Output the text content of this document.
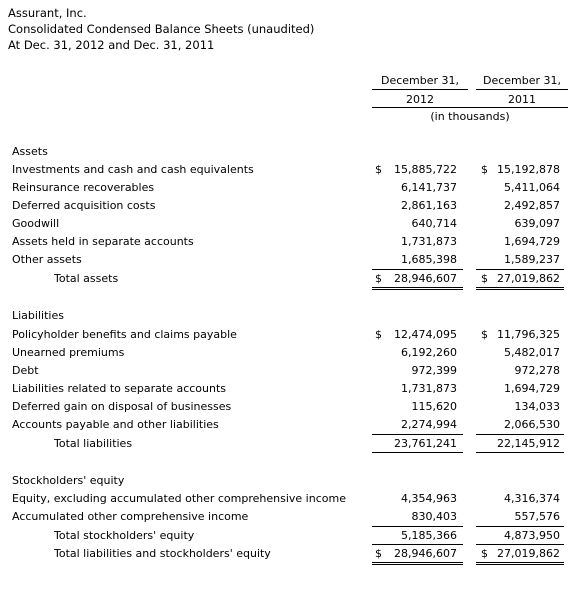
Assurant, Inc.
Consolidated Condensed Balance Sheets (unaudited)
At Dec. 31, 2012 and Dec. 31, 2011
December 31,
2012
December 31,
2011
(in thousands)
Assets
Investments and cash and cash equivalents	$	15,885,722 $ 15,192,878
Reinsurance recoverables	6,141,737	5,411,064
Deferred acquisition costs	2,861,163	2,492,857
Goodwill	640,714	639,097
Assets held in separate accounts	1,731,873	1,694,729
Other assets	1,685,398	1,589,237
Total assets	$	28,946,607 $ 27,019,862
Liabilities
Policyholder benefits and claims payable	$	12,474,095 $ 11,796,325
Unearned premiums	6,192,260	5,482,017
Debt	972,399	972,278
Liabilities related to separate accounts	1,731,873	1,694,729
Deferred gain on disposal of businesses	115,620	134,033
Accounts payable and other liabilities	2,274,994	2,066,530
Total liabilities	23,761,241	22,145,912
Stockholders' equity
Equity, excluding accumulated other comprehensive income	4,354,963	4,316,374
Accumulated other comprehensive income	830,403	557,576
Total stockholders' equity	5,185,366	4,873,950
Total liabilities and stockholders' equity	$	28,946,607 $ 27,019,862
